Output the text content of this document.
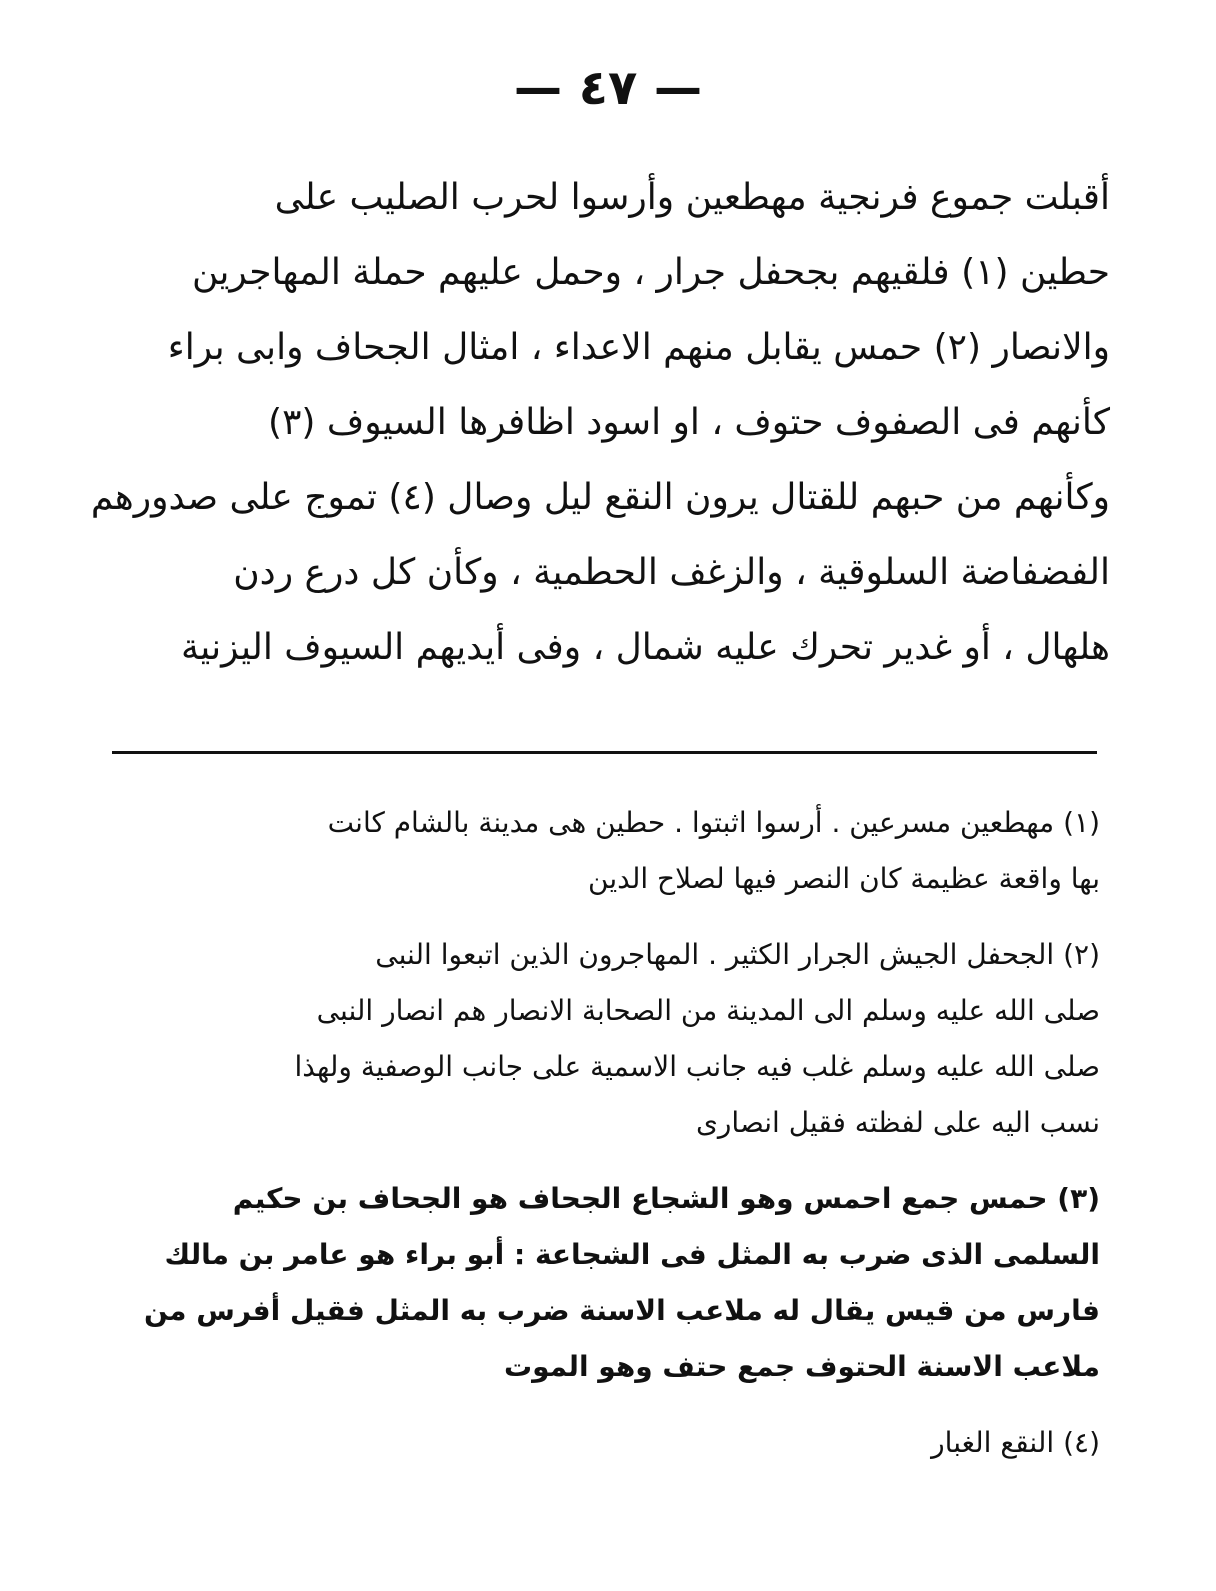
— ٤٧ —
أقبلت جموع فرنجية مهطعين وأرسوا لحرب الصليب على
حطين (١) فلقيهم بجحفل جرار ، وحمل عليهم حملة المهاجرين
والانصار (٢) حمس يقابل منهم الاعداء ، امثال الجحاف وابى براء
كأنهم فى الصفوف حتوف ، او اسود اظافرها السيوف (٣)
وكأنهم من حبهم للقتال يرون النقع ليل وصال (٤) تموج على صدورهم
الفضفاضة السلوقية ، والزغف الحطمية ، وكأن كل درع ردن
هلهال ، أو غدير تحرك عليه شمال ، وفى أيديهم السيوف اليزنية
(١) مهطعين مسرعين . أرسوا اثبتوا . حطين هى مدينة بالشام كانت
بها واقعة عظيمة كان النصر فيها لصلاح الدين
(٢) الجحفل الجيش الجرار الكثير . المهاجرون الذين اتبعوا النبى
صلى الله عليه وسلم الى المدينة من الصحابة الانصار هم انصار النبى
صلى الله عليه وسلم غلب فيه جانب الاسمية على جانب الوصفية ولهذا
نسب اليه على لفظته فقيل انصارى
(٣) حمس جمع احمس وهو الشجاع الجحاف هو الجحاف بن حكيم
السلمى الذى ضرب به المثل فى الشجاعة : أبو براء هو عامر بن مالك
فارس من قيس يقال له ملاعب الاسنة ضرب به المثل فقيل أفرس من
ملاعب الاسنة الحتوف جمع حتف وهو الموت
(٤) النقع الغبار
